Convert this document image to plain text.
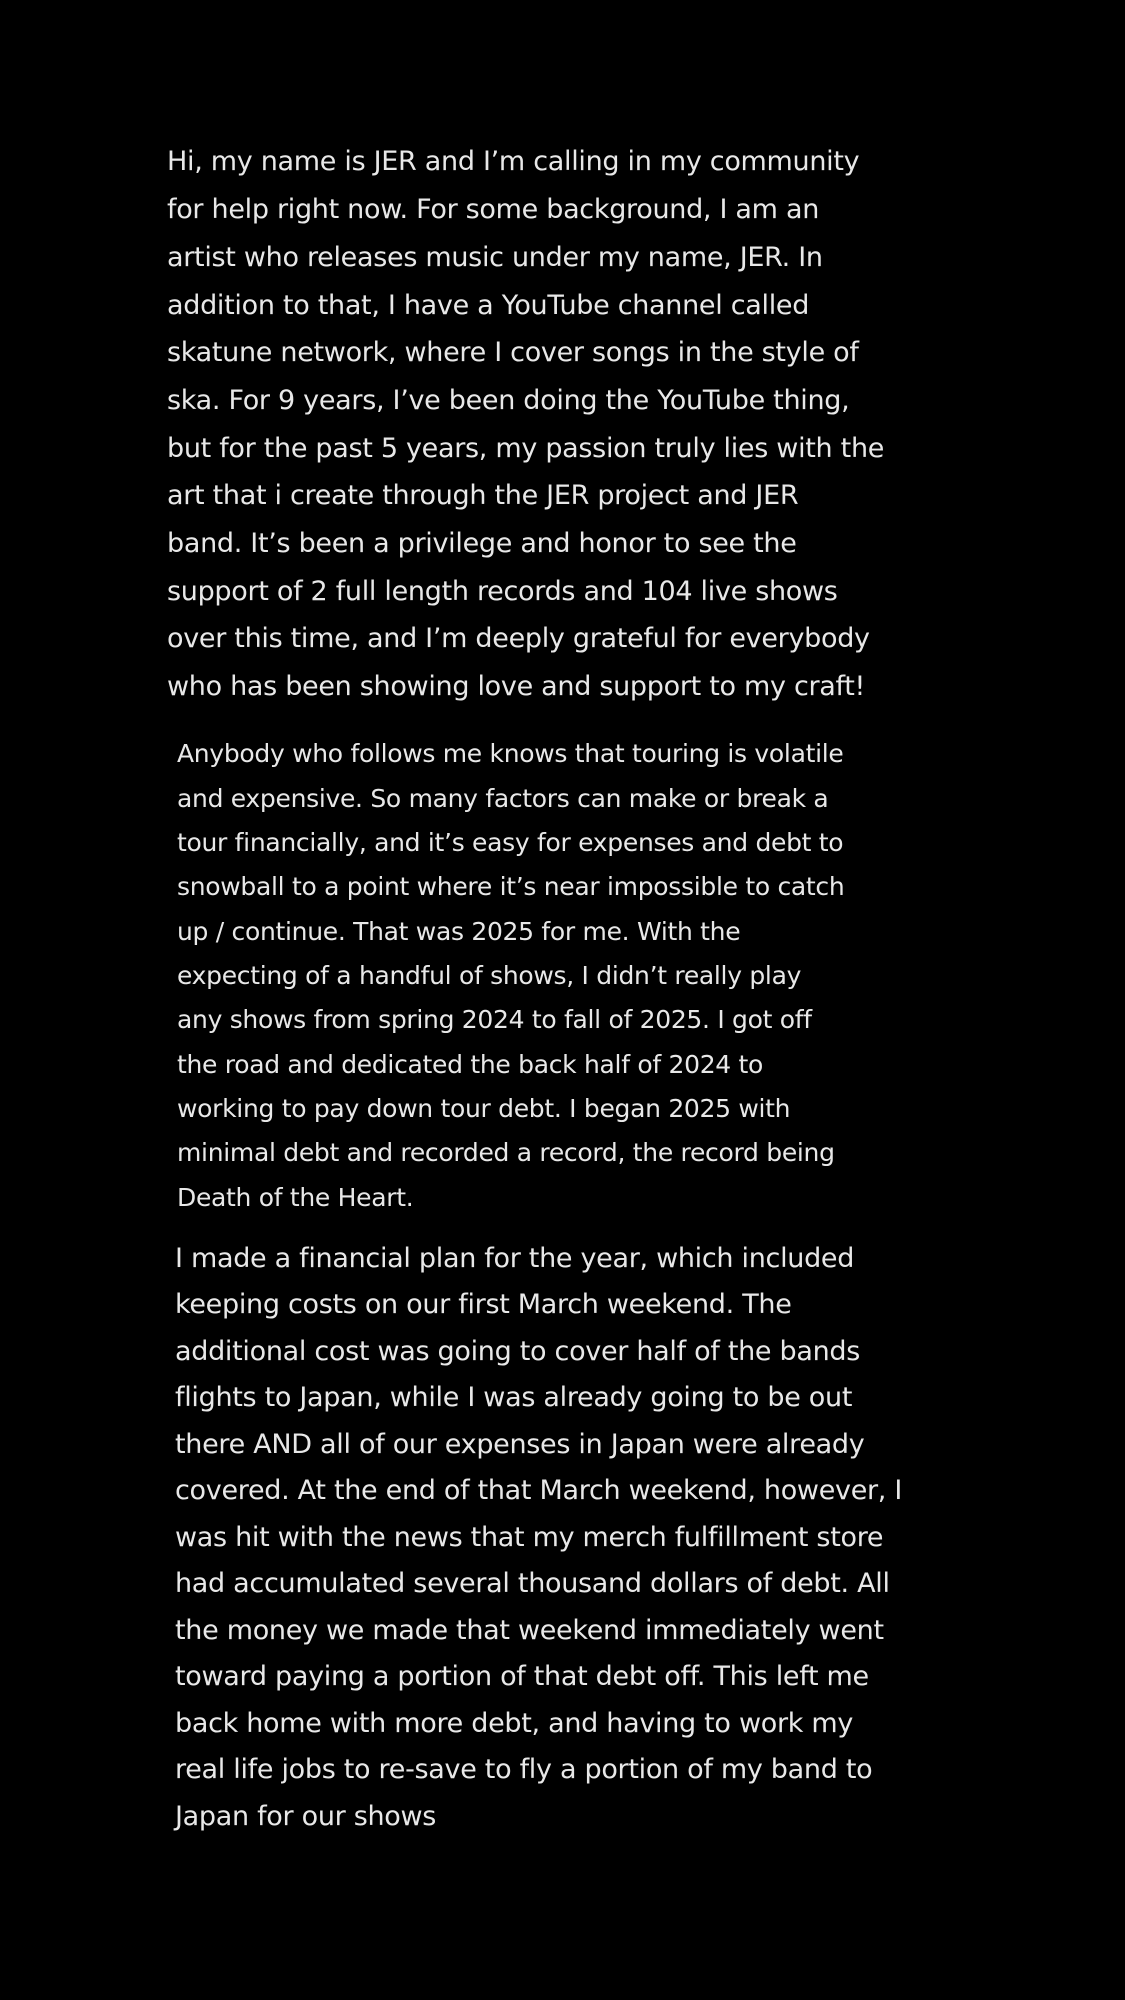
Hi, my name is JER and I’m calling in my community
for help right now. For some background, I am an
artist who releases music under my name, JER. In
addition to that, I have a YouTube channel called
skatune network, where I cover songs in the style of
ska. For 9 years, I’ve been doing the YouTube thing,
but for the past 5 years, my passion truly lies with the
art that i create through the JER project and JER
band. It’s been a privilege and honor to see the
support of 2 full length records and 104 live shows
over this time, and I’m deeply grateful for everybody
who has been showing love and support to my craft!
Anybody who follows me knows that touring is volatile
and expensive. So many factors can make or break a
tour financially, and it’s easy for expenses and debt to
snowball to a point where it’s near impossible to catch
up / continue. That was 2025 for me. With the
expecting of a handful of shows, I didn’t really play
any shows from spring 2024 to fall of 2025. I got off
the road and dedicated the back half of 2024 to
working to pay down tour debt. I began 2025 with
minimal debt and recorded a record, the record being
Death of the Heart.
I made a financial plan for the year, which included
keeping costs on our first March weekend. The
additional cost was going to cover half of the bands
flights to Japan, while I was already going to be out
there AND all of our expenses in Japan were already
covered. At the end of that March weekend, however, I
was hit with the news that my merch fulfillment store
had accumulated several thousand dollars of debt. All
the money we made that weekend immediately went
toward paying a portion of that debt off. This left me
back home with more debt, and having to work my
real life jobs to re-save to fly a portion of my band to
Japan for our shows
